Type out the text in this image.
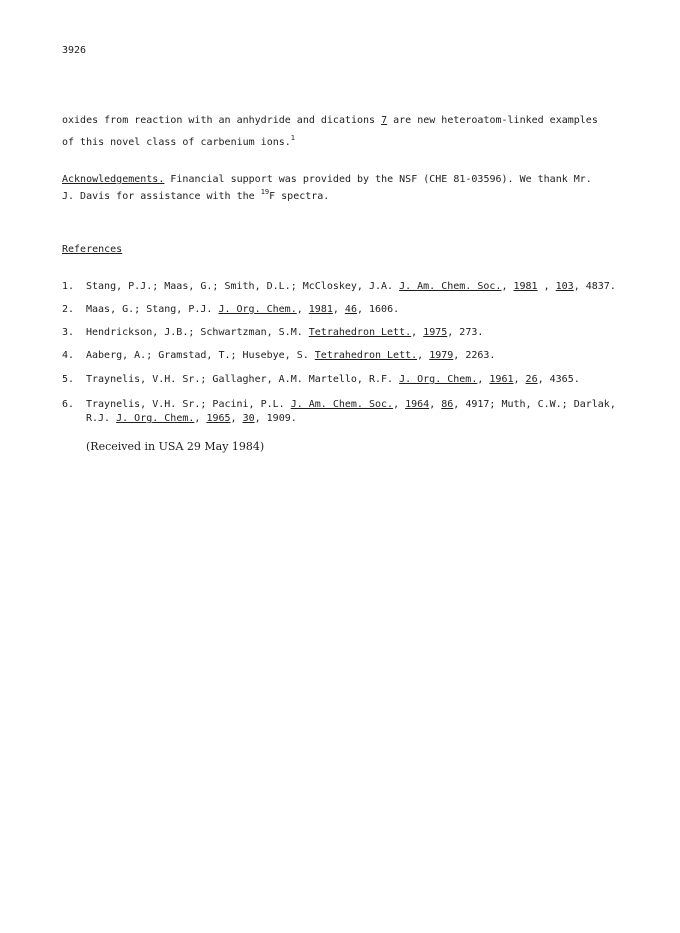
3926
oxides from reaction with an anhydride and dications 7 are new heteroatom-linked examples
of this novel class of carbenium ions.$^1$
Acknowledgements. Financial support was provided by the NSF (CHE 81-03596). We thank Mr.
J. Davis for assistance with the $^{19}$F spectra.
References
1. Stang, P.J.; Maas, G.; Smith, D.L.; McCloskey, J.A. J. Am. Chem. Soc., 1981 , 103, 4837.
2. Maas, G.; Stang, P.J. J. Org. Chem., 1981, 46, 1606.
3. Hendrickson, J.B.; Schwartzman, S.M. Tetrahedron Lett., 1975, 273.
4. Aaberg, A.; Gramstad, T.; Husebye, S. Tetrahedron Lett., 1979, 2263.
5. Traynelis, V.H. Sr.; Gallagher, A.M. Martello, R.F. J. Org. Chem., 1961, 26, 4365.
6. Traynelis, V.H. Sr.; Pacini, P.L. J. Am. Chem. Soc., 1964, 86, 4917; Muth, C.W.; Darlak,
R.J. J. Org. Chem., 1965, 30, 1909.
(Received in USA 29 May 1984)
